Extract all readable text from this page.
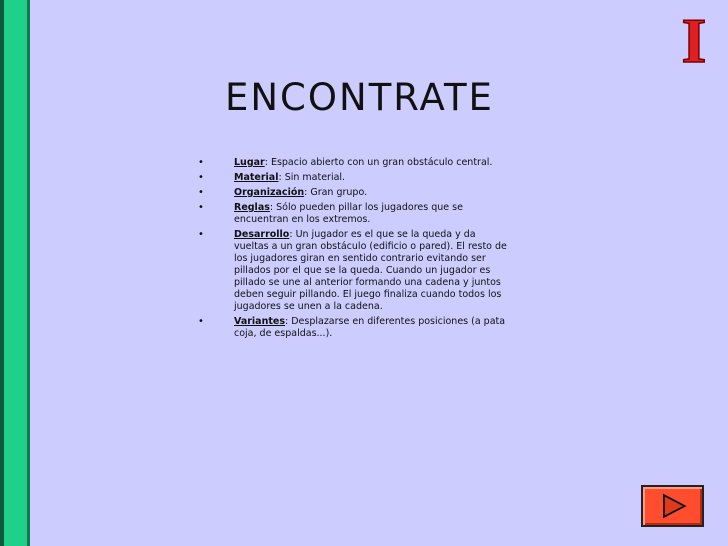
I
ENCONTRATE
•	Lugar: Espacio abierto con un gran obstáculo central.
•	Material: Sin material.
•	Organización: Gran grupo.
•	Reglas: Sólo pueden pillar los jugadores que se encuentran en los extremos.
•	Desarrollo: Un jugador es el que se la queda y da vueltas a un gran obstáculo (edificio o pared). El resto de los jugadores giran en sentido contrario evitando ser pillados por el que se la queda. Cuando un jugador es pillado se une al anterior formando una cadena y juntos deben seguir pillando. El juego finaliza cuando todos los jugadores se unen a la cadena.
•	Variantes: Desplazarse en diferentes posiciones (a pata coja, de espaldas...).
